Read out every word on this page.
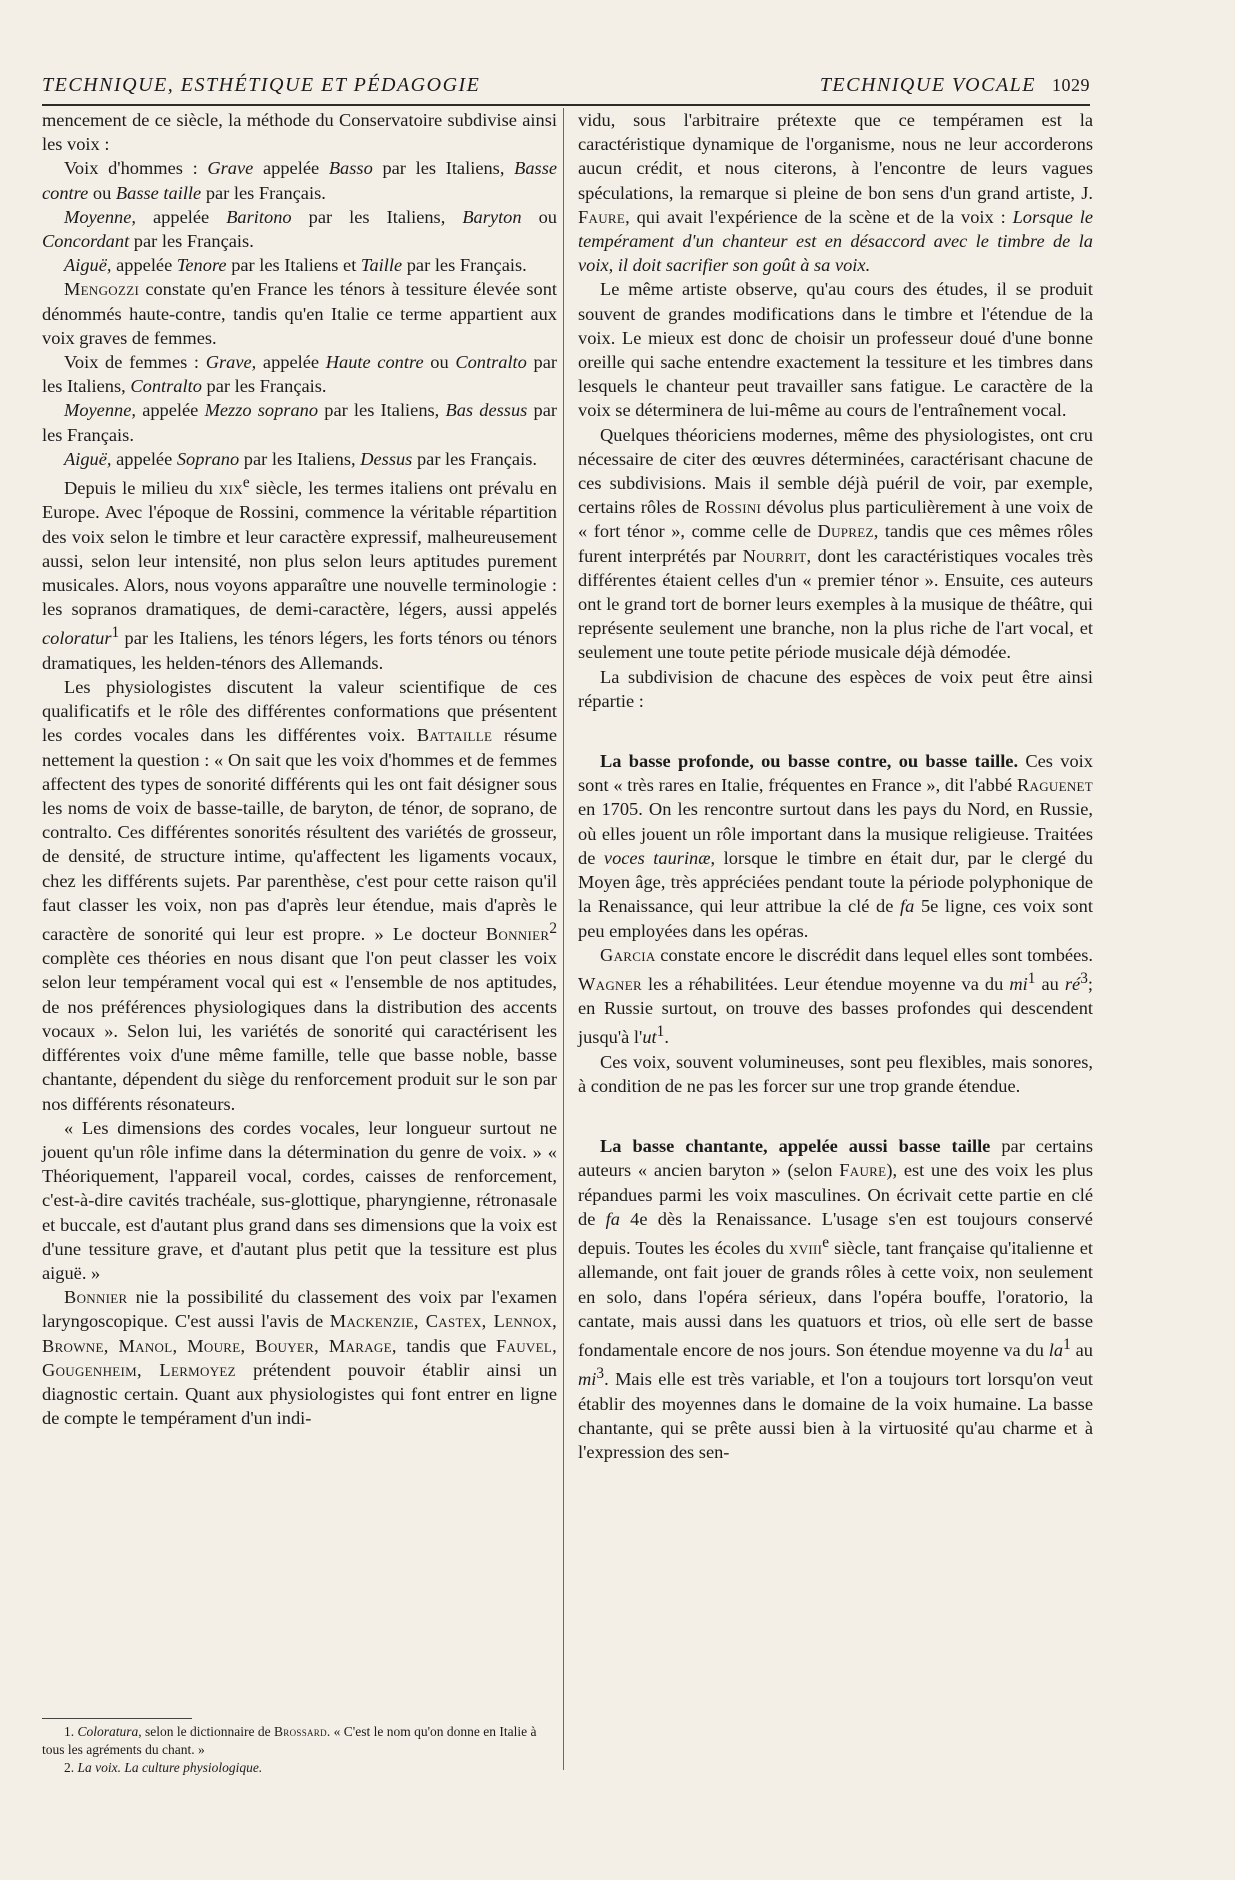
TECHNIQUE, ESTHÉTIQUE ET PÉDAGOGIE	TECHNIQUE VOCALE 1029

mencement de ce siècle, la méthode du Conservatoire subdivise ainsi les voix :

Voix d'hommes : Grave appelée Basso par les Italiens, Basse contre ou Basse taille par les Français.

Moyenne, appelée Baritono par les Italiens, Baryton ou Concordant par les Français.

Aiguë, appelée Tenore par les Italiens et Taille par les Français.

Mengozzi constate qu'en France les ténors à tessiture élevée sont dénommés haute-contre, tandis qu'en Italie ce terme appartient aux voix graves de femmes.

Voix de femmes : Grave, appelée Haute contre ou Contralto par les Italiens, Contralto par les Français.

Moyenne, appelée Mezzo soprano par les Italiens, Bas dessus par les Français.

Aiguë, appelée Soprano par les Italiens, Dessus par les Français.

Depuis le milieu du xix$^e$ siècle, les termes italiens ont prévalu en Europe. Avec l'époque de Rossini, commence la véritable répartition des voix selon le timbre et leur caractère expressif, malheureusement aussi, selon leur intensité, non plus selon leurs aptitudes purement musicales. Alors, nous voyons apparaître une nouvelle terminologie : les sopranos dramatiques, de demi-caractère, légers, aussi appelés coloratur$^1$ par les Italiens, les ténors légers, les forts ténors ou ténors dramatiques, les helden-ténors des Allemands.

Les physiologistes discutent la valeur scientifique de ces qualificatifs et le rôle des différentes conformations que présentent les cordes vocales dans les différentes voix. Battaille résume nettement la question : « On sait que les voix d'hommes et de femmes affectent des types de sonorité différents qui les ont fait désigner sous les noms de voix de basse-taille, de baryton, de ténor, de soprano, de contralto. Ces différentes sonorités résultent des variétés de grosseur, de densité, de structure intime, qu'affectent les ligaments vocaux, chez les différents sujets. Par parenthèse, c'est pour cette raison qu'il faut classer les voix, non pas d'après leur étendue, mais d'après le caractère de sonorité qui leur est propre. » Le docteur Bonnier$^2$ complète ces théories en nous disant que l'on peut classer les voix selon leur tempérament vocal qui est « l'ensemble de nos aptitudes, de nos préférences physiologiques dans la distribution des accents vocaux ». Selon lui, les variétés de sonorité qui caractérisent les différentes voix d'une même famille, telle que basse noble, basse chantante, dépendent du siège du renforcement produit sur le son par nos différents résonateurs.

« Les dimensions des cordes vocales, leur longueur surtout ne jouent qu'un rôle infime dans la détermination du genre de voix. » « Théoriquement, l'appareil vocal, cordes, caisses de renforcement, c'est-à-dire cavités trachéale, sus-glottique, pharyngienne, rétronasale et buccale, est d'autant plus grand dans ses dimensions que la voix est d'une tessiture grave, et d'autant plus petit que la tessiture est plus aiguë. »

Bonnier nie la possibilité du classement des voix par l'examen laryngoscopique. C'est aussi l'avis de Mackenzie, Castex, Lennox, Browne, Manol, Moure, Bouyer, Marage, tandis que Fauvel, Gougenheim, Lermoyez prétendent pouvoir établir ainsi un diagnostic certain. Quant aux physiologistes qui font entrer en ligne de compte le tempérament d'un indi-

1. Coloratura, selon le dictionnaire de Brossard. « C'est le nom qu'on donne en Italie à tous les agréments du chant. »

2. La voix. La culture physiologique.

vidu, sous l'arbitraire prétexte que ce tempéramen est la caractéristique dynamique de l'organisme, nous ne leur accorderons aucun crédit, et nous citerons, à l'encontre de leurs vagues spéculations, la remarque si pleine de bon sens d'un grand artiste, J. Faure, qui avait l'expérience de la scène et de la voix : Lorsque le tempérament d'un chanteur est en désaccord avec le timbre de la voix, il doit sacrifier son goût à sa voix.

Le même artiste observe, qu'au cours des études, il se produit souvent de grandes modifications dans le timbre et l'étendue de la voix. Le mieux est donc de choisir un professeur doué d'une bonne oreille qui sache entendre exactement la tessiture et les timbres dans lesquels le chanteur peut travailler sans fatigue. Le caractère de la voix se déterminera de lui-même au cours de l'entraînement vocal.

Quelques théoriciens modernes, même des physiologistes, ont cru nécessaire de citer des œuvres déterminées, caractérisant chacune de ces subdivisions. Mais il semble déjà puéril de voir, par exemple, certains rôles de Rossini dévolus plus particulièrement à une voix de « fort ténor », comme celle de Duprez, tandis que ces mêmes rôles furent interprétés par Nourrit, dont les caractéristiques vocales très différentes étaient celles d'un « premier ténor ». Ensuite, ces auteurs ont le grand tort de borner leurs exemples à la musique de théâtre, qui représente seulement une branche, non la plus riche de l'art vocal, et seulement une toute petite période musicale déjà démodée.

La subdivision de chacune des espèces de voix peut être ainsi répartie :

La basse profonde, ou basse contre, ou basse taille. Ces voix sont « très rares en Italie, fréquentes en France », dit l'abbé Raguenet en 1705. On les rencontre surtout dans les pays du Nord, en Russie, où elles jouent un rôle important dans la musique religieuse. Traitées de voces taurinæ, lorsque le timbre en était dur, par le clergé du Moyen âge, très appréciées pendant toute la période polyphonique de la Renaissance, qui leur attribue la clé de fa 5e ligne, ces voix sont peu employées dans les opéras.

Garcia constate encore le discrédit dans lequel elles sont tombées. Wagner les a réhabilitées. Leur étendue moyenne va du $mi^1$ au $ré^3$; en Russie surtout, on trouve des basses profondes qui descendent jusqu'à $l'ut^1$.

Ces voix, souvent volumineuses, sont peu flexibles, mais sonores, à condition de ne pas les forcer sur une trop grande étendue.

La basse chantante, appelée aussi basse taille par certains auteurs « ancien baryton » (selon Faure), est une des voix les plus répandues parmi les voix masculines. On écrivait cette partie en clé de fa 4e dès la Renaissance. L'usage s'en est toujours conservé depuis. Toutes les écoles du xviii$^e$ siècle, tant française qu'italienne et allemande, ont fait jouer de grands rôles à cette voix, non seulement en solo, dans l'opéra sérieux, dans l'opéra bouffe, l'oratorio, la cantate, mais aussi dans les quatuors et trios, où elle sert de basse fondamentale encore de nos jours. Son étendue moyenne va du $la^1$ au $mi^3$. Mais elle est très variable, et l'on a toujours tort lorsqu'on veut établir des moyennes dans le domaine de la voix humaine. La basse chantante, qui se prête aussi bien à la virtuosité qu'au charme et à l'expression des sen-
